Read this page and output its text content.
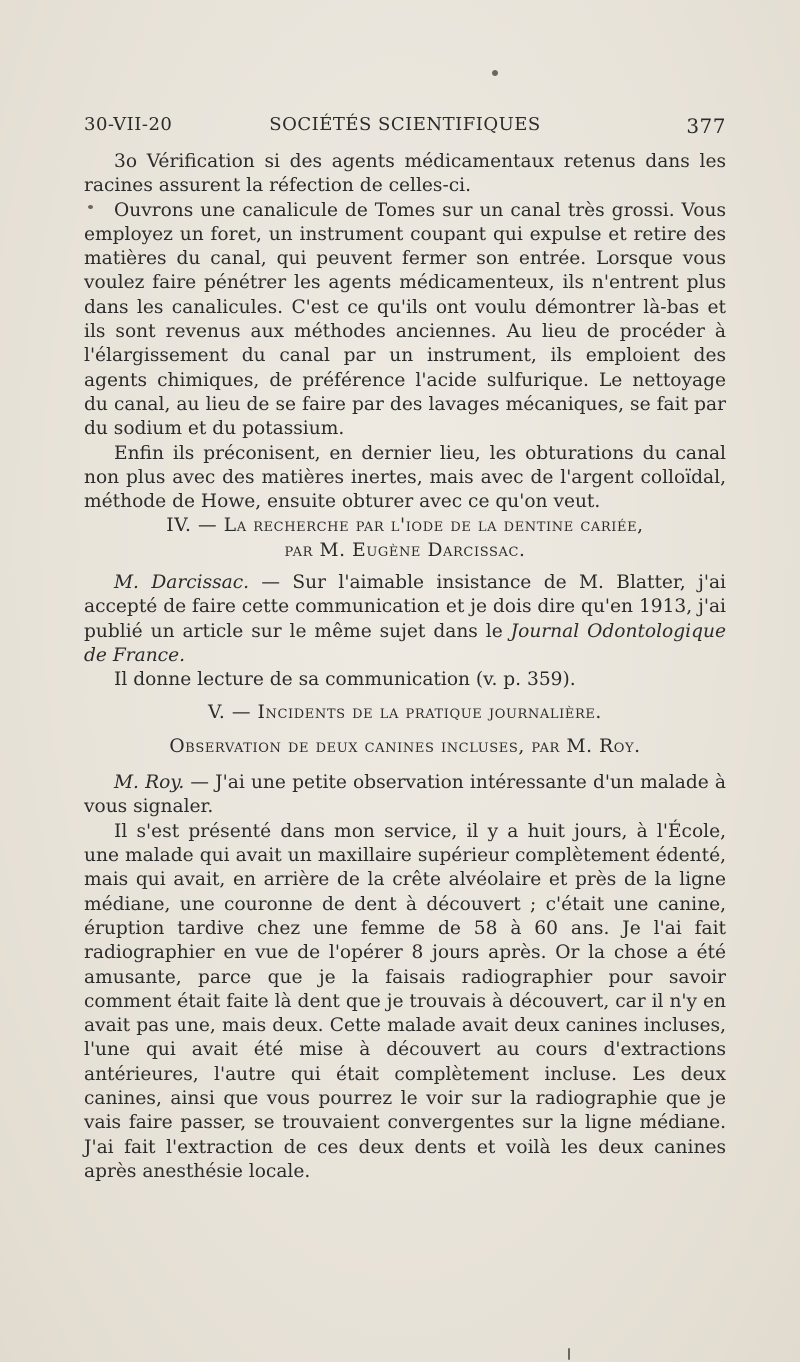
30-VII-20	SOCIÉTÉS SCIENTIFIQUES	377

3o Vérification si des agents médicamentaux retenus dans les racines assurent la réfection de celles-ci.

Ouvrons une canalicule de Tomes sur un canal très grossi. Vous employez un foret, un instrument coupant qui expulse et retire des matières du canal, qui peuvent fermer son entrée. Lorsque vous voulez faire pénétrer les agents médicamenteux, ils n'entrent plus dans les canalicules. C'est ce qu'ils ont voulu démontrer là-bas et ils sont revenus aux méthodes anciennes. Au lieu de procéder à l'élargissement du canal par un instrument, ils emploient des agents chimiques, de préférence l'acide sulfurique. Le nettoyage du canal, au lieu de se faire par des lavages mécaniques, se fait par du sodium et du potassium.

Enfin ils préconisent, en dernier lieu, les obturations du canal non plus avec des matières inertes, mais avec de l'argent colloïdal, méthode de Howe, ensuite obturer avec ce qu'on veut.

IV. — La recherche par l'iode de la dentine cariée,

par M. Eugène Darcissac.

M. Darcissac. — Sur l'aimable insistance de M. Blatter, j'ai accepté de faire cette communication et je dois dire qu'en 1913, j'ai publié un article sur le même sujet dans le Journal Odontologique de France.

Il donne lecture de sa communication (v. p. 359).

V. — Incidents de la pratique journalière.

Observation de deux canines incluses, par M. Roy.

M. Roy. — J'ai une petite observation intéressante d'un malade à vous signaler.

Il s'est présenté dans mon service, il y a huit jours, à l'École, une malade qui avait un maxillaire supérieur complètement édenté, mais qui avait, en arrière de la crête alvéolaire et près de la ligne médiane, une couronne de dent à découvert ; c'était une canine, éruption tardive chez une femme de 58 à 60 ans. Je l'ai fait radiographier en vue de l'opérer 8 jours après. Or la chose a été amusante, parce que je la faisais radiographier pour savoir comment était faite là dent que je trouvais à découvert, car il n'y en avait pas une, mais deux. Cette malade avait deux canines incluses, l'une qui avait été mise à découvert au cours d'extractions antérieures, l'autre qui était complètement incluse. Les deux canines, ainsi que vous pourrez le voir sur la radiographie que je vais faire passer, se trouvaient convergentes sur la ligne médiane. J'ai fait l'extraction de ces deux dents et voilà les deux canines après anesthésie locale.
